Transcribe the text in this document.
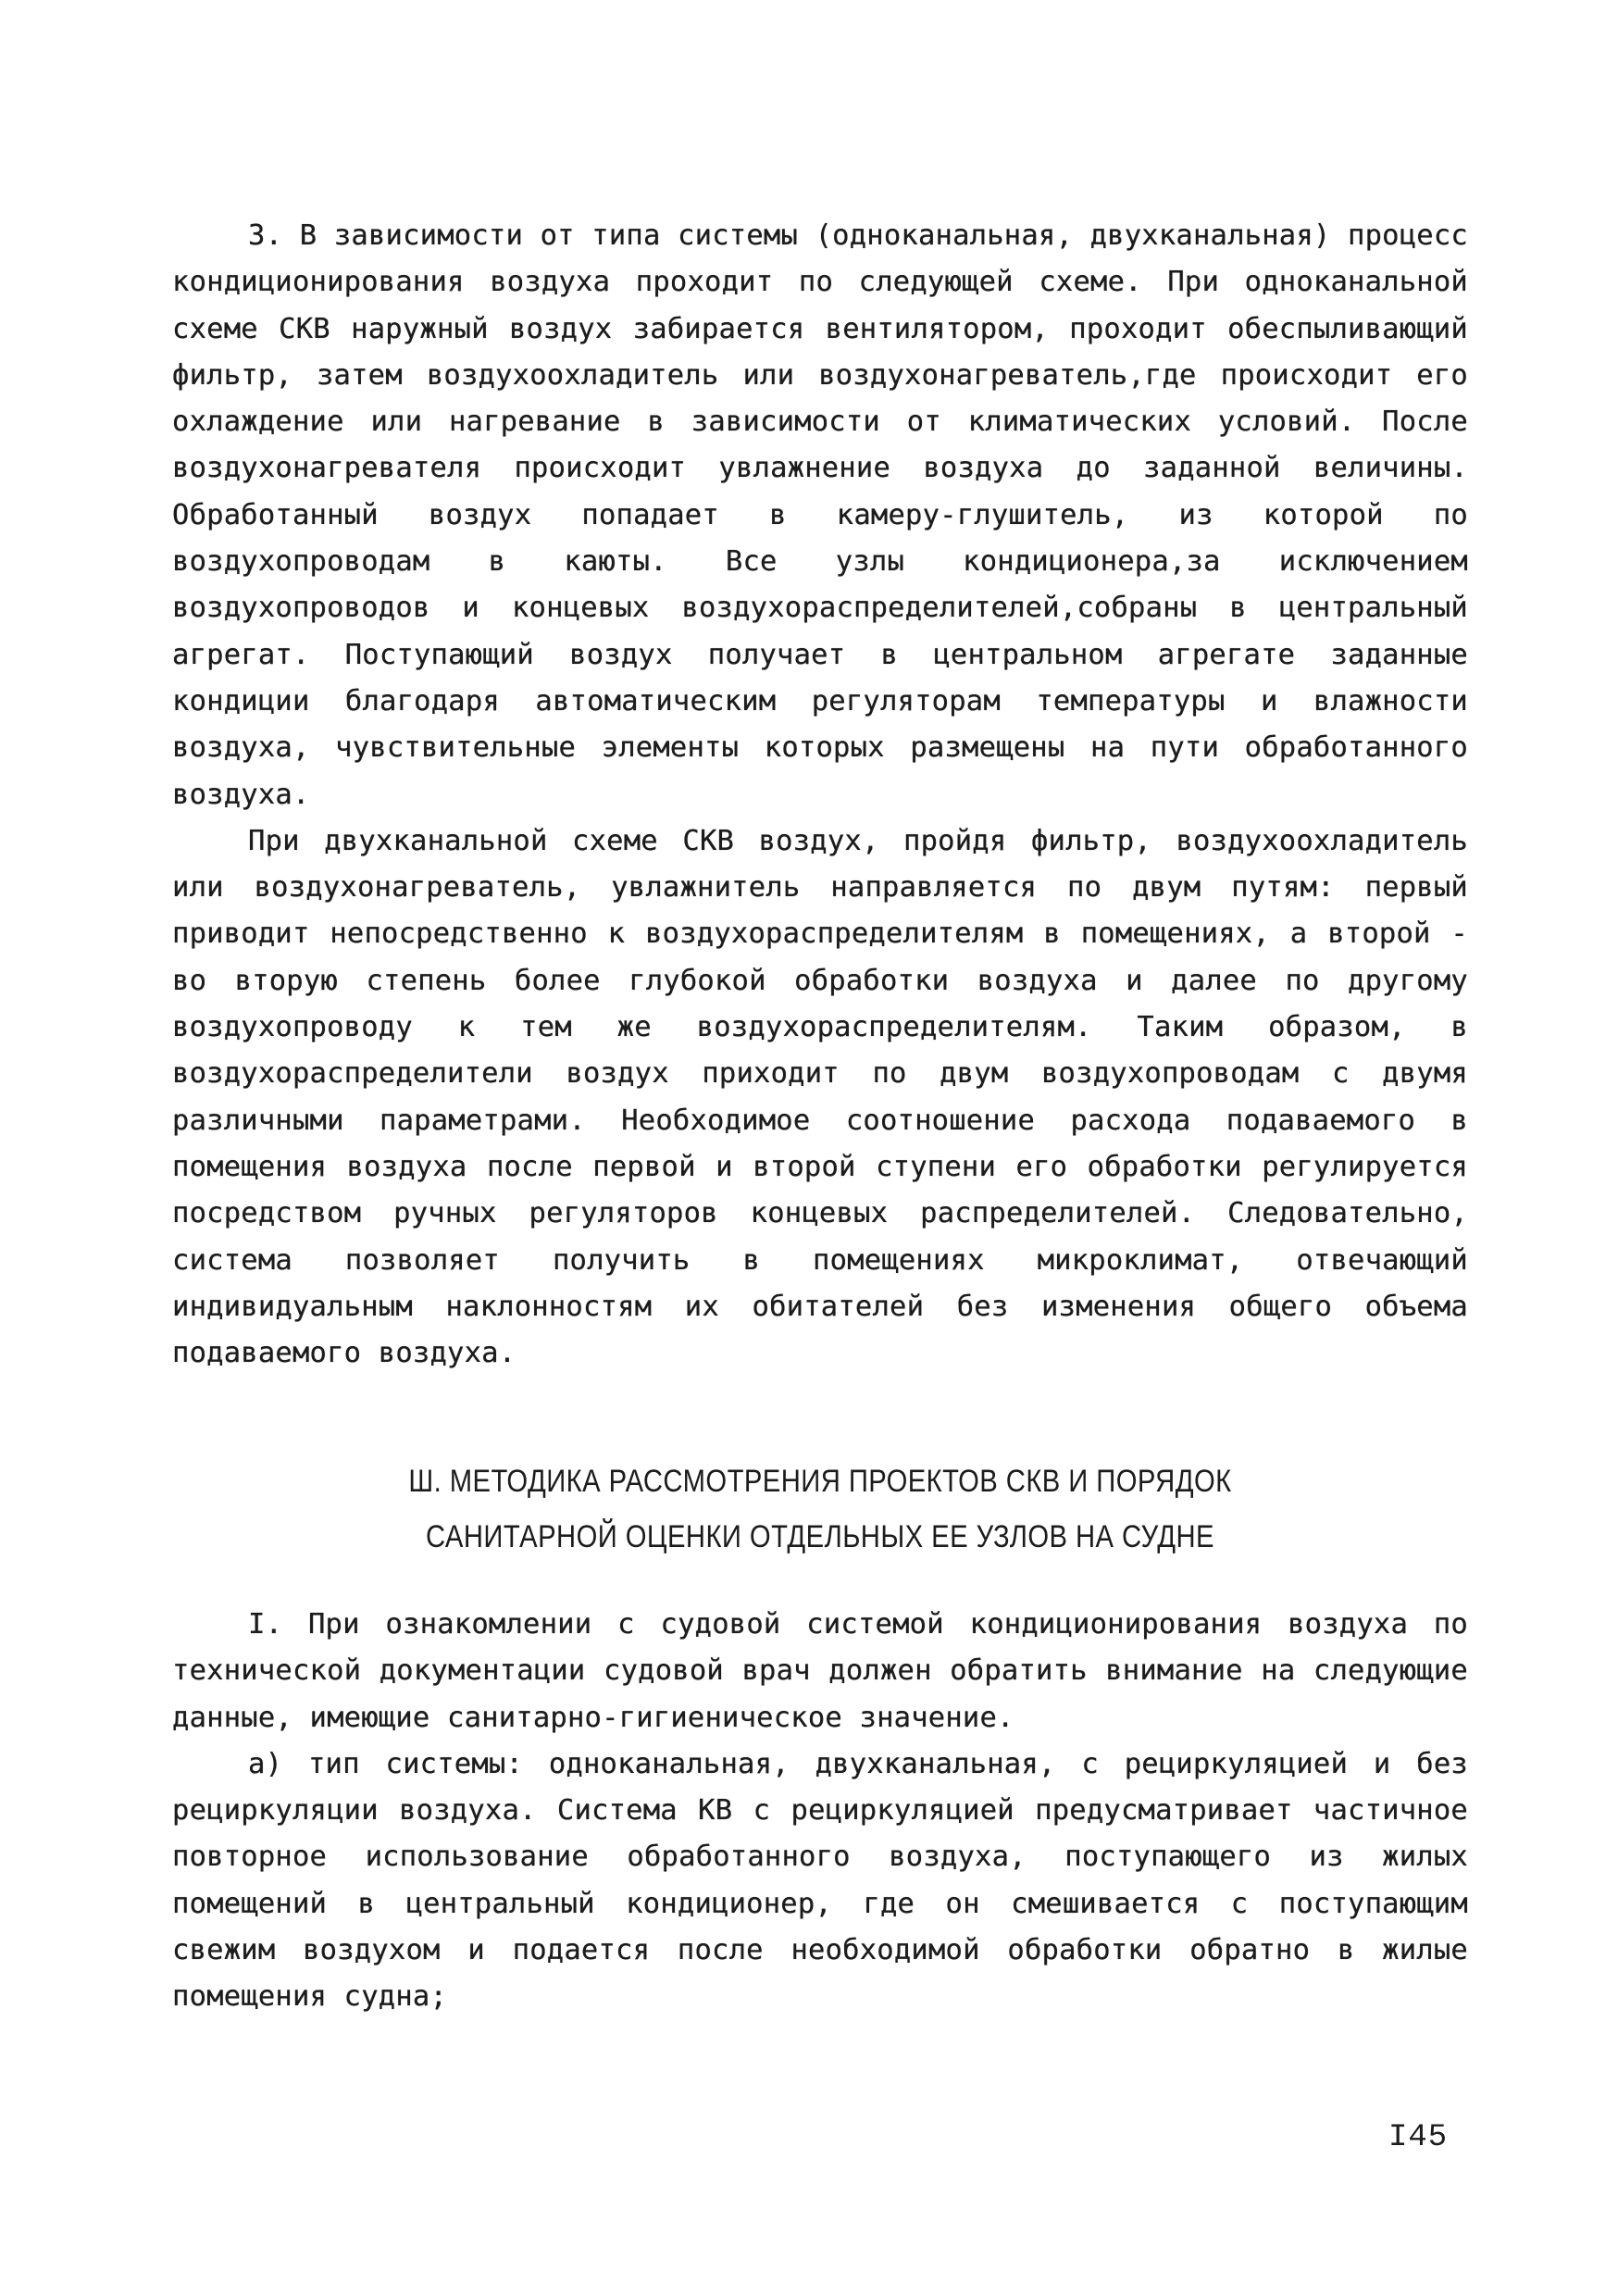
3. В зависимости от типа системы (одноканальная, двухканальная) процесс кондиционирования воздуха проходит по следующей схеме. При одноканальной схеме СКВ наружный воздух забирается вентилятором, проходит обеспыливающий фильтр, затем воздухоохладитель или воздухонагреватель,где происходит его охлаждение или нагревание в зависимости от климатических условий. После воздухонагревателя происходит увлажнение воздуха до заданной величины. Обработанный воздух попадает в камеру-глушитель, из которой по воздухопроводам в каюты. Все узлы кондиционера,за исключением воздухопроводов и концевых воздухораспределителей,собраны в центральный агрегат. Поступающий воздух получает в центральном агрегате заданные кондиции благодаря автоматическим регуляторам температуры и влажности воздуха, чувствительные элементы которых размещены на пути обработанного воздуха.

При двухканальной схеме СКВ воздух, пройдя фильтр, воздухоохладитель или воздухонагреватель, увлажнитель направляется по двум путям: первый приводит непосредственно к воздухораспределителям в помещениях, а второй - во вторую степень более глубокой обработки воздуха и далее по другому воздухопроводу к тем же воздухораспределителям. Таким образом, в воздухораспределители воздух приходит по двум воздухопроводам с двумя различными параметрами. Необходимое соотношение расхода подаваемого в помещения воздуха после первой и второй ступени его обработки регулируется посредством ручных регуляторов концевых распределителей. Следовательно, система позволяет получить в помещениях микроклимат, отвечающий индивидуальным наклонностям их обитателей без изменения общего объема подаваемого воздуха.

Ш. МЕТОДИКА РАССМОТРЕНИЯ ПРОЕКТОВ СКВ И ПОРЯДОК
САНИТАРНОЙ ОЦЕНКИ ОТДЕЛЬНЫХ ЕЕ УЗЛОВ НА СУДНЕ

I. При ознакомлении с судовой системой кондиционирования воздуха по технической документации судовой врач должен обратить внимание на следующие данные, имеющие санитарно-гигиеническое значение.

а) тип системы: одноканальная, двухканальная, с рециркуляцией и без рециркуляции воздуха. Система КВ с рециркуляцией предусматривает частичное повторное использование обработанного воздуха, поступающего из жилых помещений в центральный кондиционер, где он смешивается с поступающим свежим воздухом и подается после необходимой обработки обратно в жилые помещения судна;

I45
